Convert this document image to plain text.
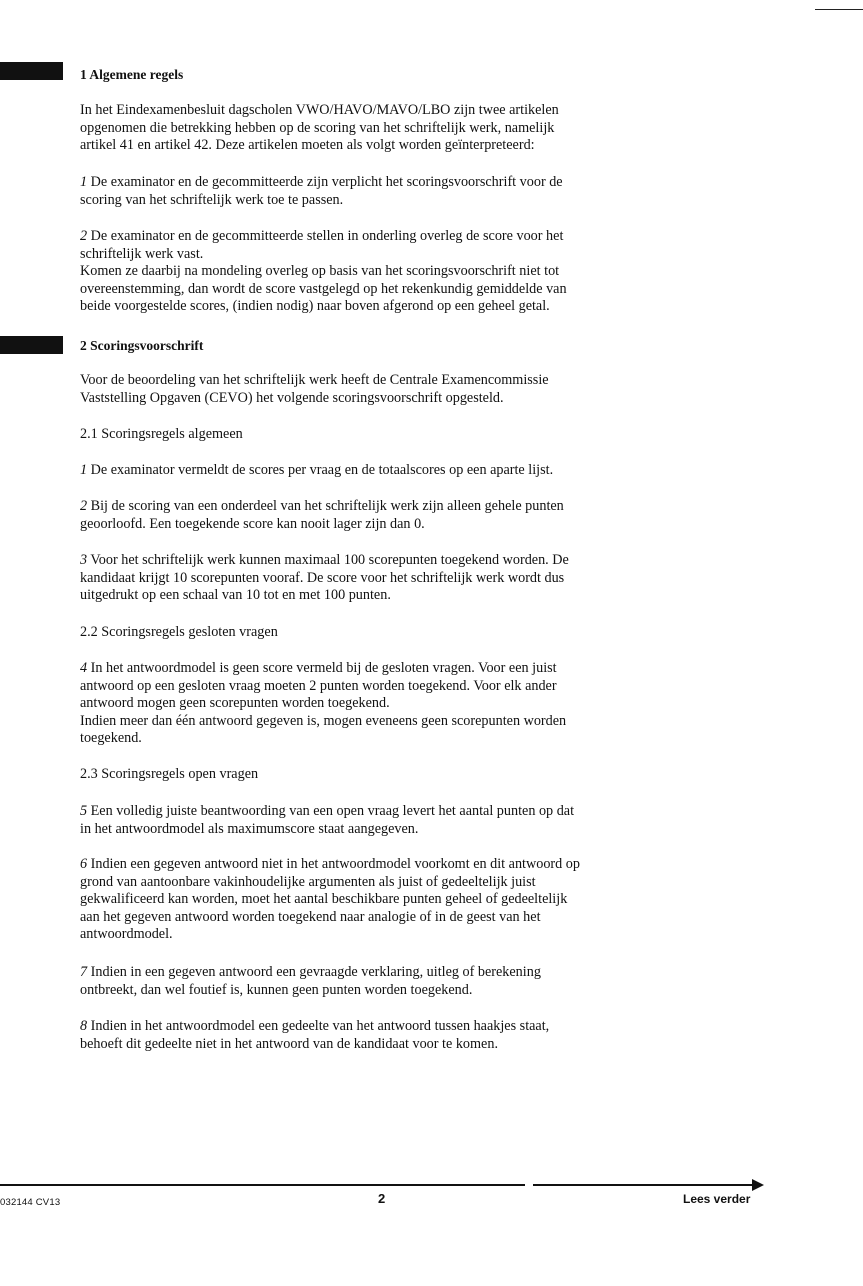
1 Algemene regels
In het Eindexamenbesluit dagscholen VWO/HAVO/MAVO/LBO zijn twee artikelen
opgenomen die betrekking hebben op de scoring van het schriftelijk werk, namelijk
artikel 41 en artikel 42. Deze artikelen moeten als volgt worden geïnterpreteerd:
1 De examinator en de gecommitteerde zijn verplicht het scoringsvoorschrift voor de
scoring van het schriftelijk werk toe te passen.
2 De examinator en de gecommitteerde stellen in onderling overleg de score voor het
schriftelijk werk vast.
Komen ze daarbij na mondeling overleg op basis van het scoringsvoorschrift niet tot
overeenstemming, dan wordt de score vastgelegd op het rekenkundig gemiddelde van
beide voorgestelde scores, (indien nodig) naar boven afgerond op een geheel getal.
2 Scoringsvoorschrift
Voor de beoordeling van het schriftelijk werk heeft de Centrale Examencommissie
Vaststelling Opgaven (CEVO) het volgende scoringsvoorschrift opgesteld.
2.1 Scoringsregels algemeen
1 De examinator vermeldt de scores per vraag en de totaalscores op een aparte lijst.
2 Bij de scoring van een onderdeel van het schriftelijk werk zijn alleen gehele punten
geoorloofd. Een toegekende score kan nooit lager zijn dan 0.
3 Voor het schriftelijk werk kunnen maximaal 100 scorepunten toegekend worden. De
kandidaat krijgt 10 scorepunten vooraf. De score voor het schriftelijk werk wordt dus
uitgedrukt op een schaal van 10 tot en met 100 punten.
2.2 Scoringsregels gesloten vragen
4 In het antwoordmodel is geen score vermeld bij de gesloten vragen. Voor een juist
antwoord op een gesloten vraag moeten 2 punten worden toegekend. Voor elk ander
antwoord mogen geen scorepunten worden toegekend.
Indien meer dan één antwoord gegeven is, mogen eveneens geen scorepunten worden
toegekend.
2.3 Scoringsregels open vragen
5 Een volledig juiste beantwoording van een open vraag levert het aantal punten op dat
in het antwoordmodel als maximumscore staat aangegeven.
6 Indien een gegeven antwoord niet in het antwoordmodel voorkomt en dit antwoord op
grond van aantoonbare vakinhoudelijke argumenten als juist of gedeeltelijk juist
gekwalificeerd kan worden, moet het aantal beschikbare punten geheel of gedeeltelijk
aan het gegeven antwoord worden toegekend naar analogie of in de geest van het
antwoordmodel.
7 Indien in een gegeven antwoord een gevraagde verklaring, uitleg of berekening
ontbreekt, dan wel foutief is, kunnen geen punten worden toegekend.
8 Indien in het antwoordmodel een gedeelte van het antwoord tussen haakjes staat,
behoeft dit gedeelte niet in het antwoord van de kandidaat voor te komen.
032144 CV13	2	Lees verder
